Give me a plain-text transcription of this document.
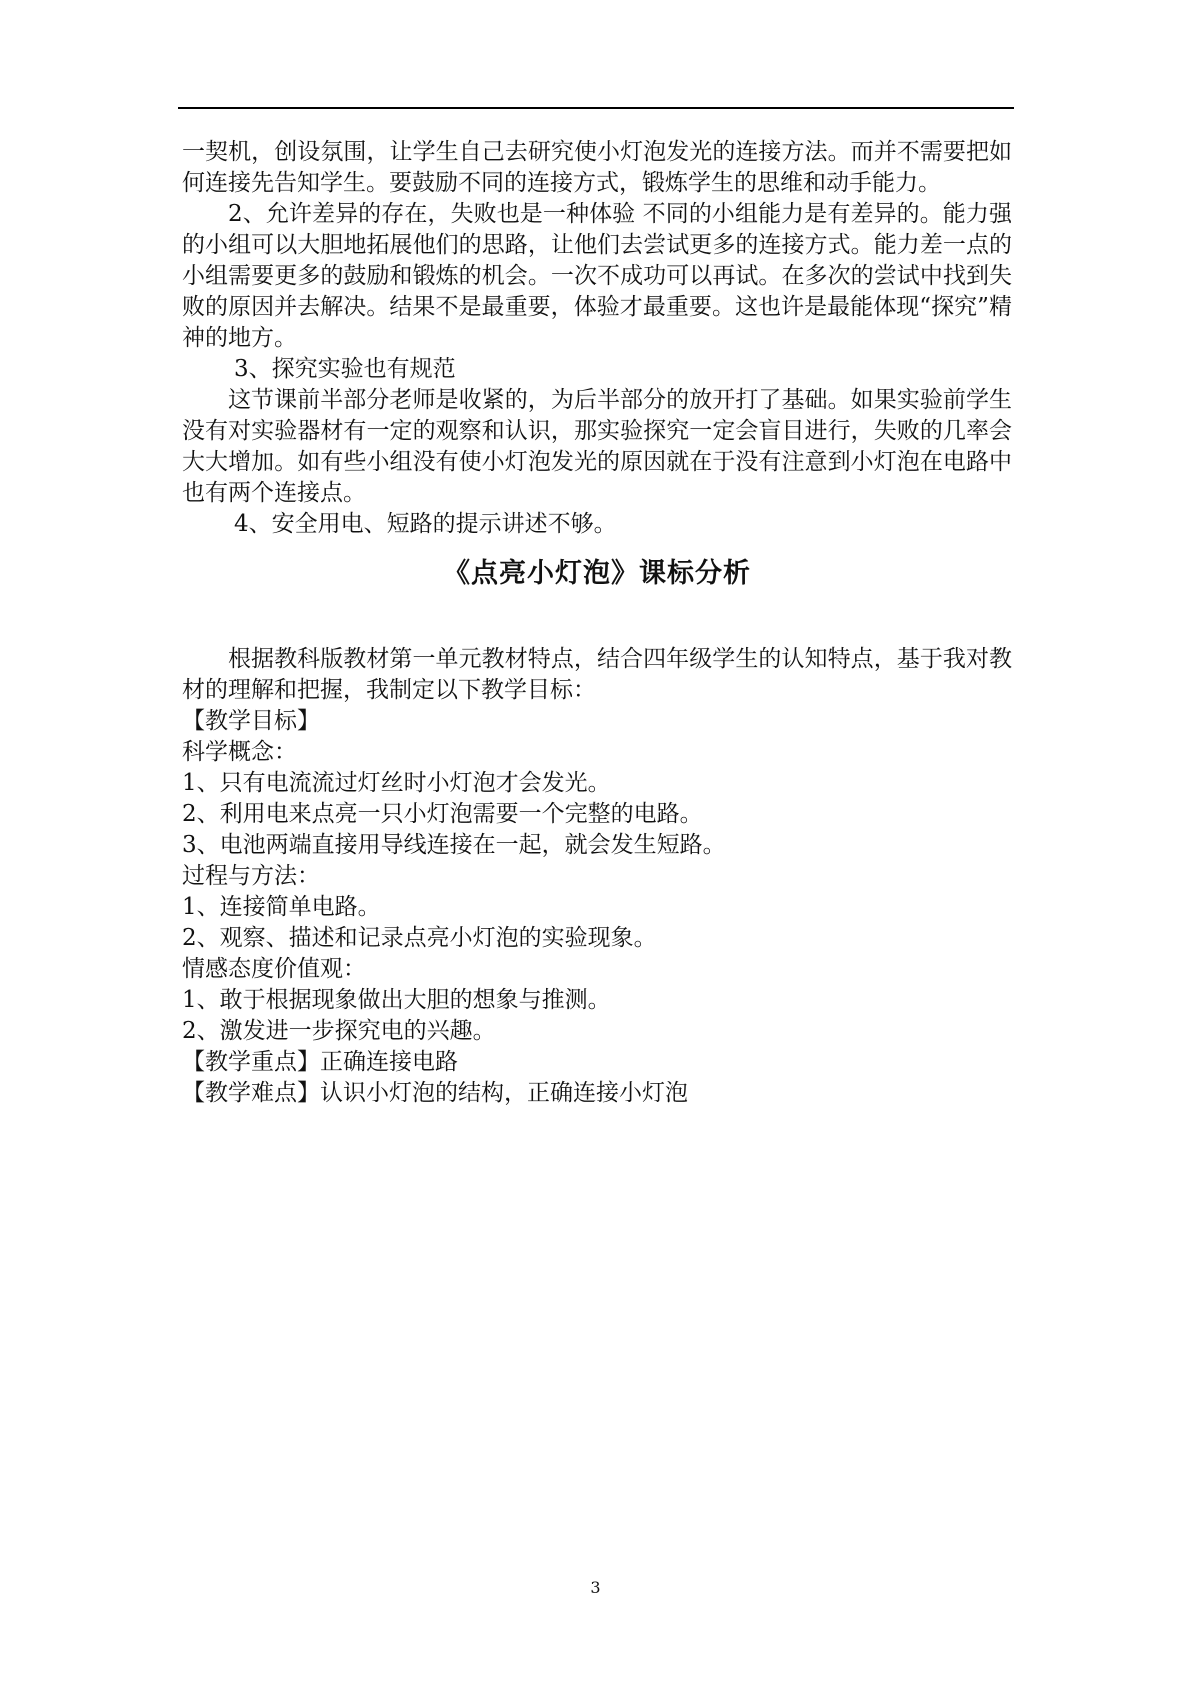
一契机，创设氛围，让学生自己去研究使小灯泡发光的连接方法。而并不需要把如何连接先告知学生。要鼓励不同的连接方式，锻炼学生的思维和动手能力。

2、允许差异的存在，失败也是一种体验 不同的小组能力是有差异的。能力强的小组可以大胆地拓展他们的思路，让他们去尝试更多的连接方式。能力差一点的小组需要更多的鼓励和锻炼的机会。一次不成功可以再试。在多次的尝试中找到失败的原因并去解决。结果不是最重要，体验才最重要。这也许是最能体现“探究”精神的地方。

3、探究实验也有规范

这节课前半部分老师是收紧的，为后半部分的放开打了基础。如果实验前学生没有对实验器材有一定的观察和认识，那实验探究一定会盲目进行，失败的几率会大大增加。如有些小组没有使小灯泡发光的原因就在于没有注意到小灯泡在电路中也有两个连接点。

4、安全用电、短路的提示讲述不够。

《点亮小灯泡》课标分析

根据教科版教材第一单元教材特点，结合四年级学生的认知特点，基于我对教材的理解和把握，我制定以下教学目标：

【教学目标】

科学概念：

1、只有电流流过灯丝时小灯泡才会发光。

2、利用电来点亮一只小灯泡需要一个完整的电路。

3、电池两端直接用导线连接在一起，就会发生短路。

过程与方法：

1、连接简单电路。

2、观察、描述和记录点亮小灯泡的实验现象。

情感态度价值观：

1、敢于根据现象做出大胆的想象与推测。

2、激发进一步探究电的兴趣。

【教学重点】正确连接电路

【教学难点】认识小灯泡的结构，正确连接小灯泡

3
